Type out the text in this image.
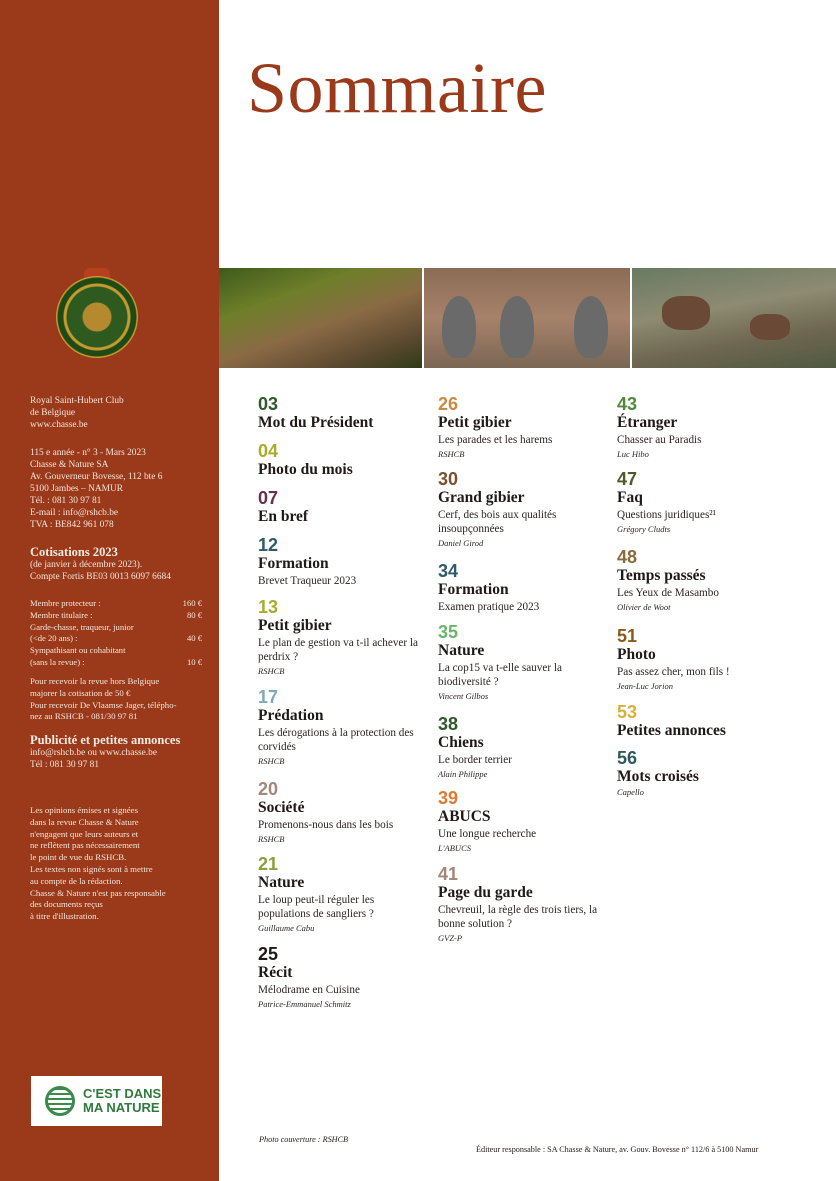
Royal Saint-Hubert Club

de Belgique

www.chasse.be

115 e année - n° 3 - Mars 2023

Chasse & Nature SA

Av. Gouverneur Bovesse, 112 bte 6

5100 Jambes – NAMUR

Tél. : 081 30 97 81

E-mail : info@rshcb.be

TVA : BE842 961 078

Cotisations 2023

(de janvier à décembre 2023).

Compte Fortis BE03 0013 6097 6684

Membre protecteur :	160 €
Membre titulaire :	80 €
Garde-chasse, traqueur, junior
(<de 20 ans) :	40 €
Sympathisant ou cohabitant
(sans la revue) :	10 €

Pour recevoir la revue hors Belgique

majorer la cotisation de 50 €

Pour recevoir De Vlaamse Jager, télépho-

nez au RSHCB - 081/30 97 81

Publicité et petites annonces

info@rshcb.be ou www.chasse.be

Tél : 081 30 97 81

Les opinions émises et signées

dans la revue Chasse & Nature

n'engagent que leurs auteurs et

ne reflètent pas nécessairement

le point de vue du RSHCB.

Les textes non signés sont à mettre

au compte de la rédaction.

Chasse & Nature n'est pas responsable

des documents reçus

à titre d'illustration.

C'EST DANS
MA NATURE
Sommaire
03
Mot du Président
04
Photo du mois
07
En bref
12
Formation
Brevet Traqueur 2023
13
Petit gibier
Le plan de gestion va t-il achever la perdrix ?
RSHCB
17
Prédation
Les dérogations à la protection des corvidés
RSHCB
20
Société
Promenons-nous dans les bois
RSHCB
21
Nature
Le loup peut-il réguler les populations de sangliers ?
Guillaume Cabu
25
Récit
Mélodrame en Cuisine
Patrice-Emmanuel Schmitz
26
Petit gibier
Les parades et les harems
RSHCB
30
Grand gibier
Cerf, des bois aux qualités insoupçonnées
Daniel Girod
34
Formation
Examen pratique 2023
35
Nature
La cop15 va t-elle sauver la biodiversité ?
Vincent Gilbos
38
Chiens
Le border terrier
Alain Philippe
39
ABUCS
Une longue recherche
L'ABUCS
41
Page du garde
Chevreuil, la règle des trois tiers, la bonne solution ?
GVZ-P
43
Étranger
Chasser au Paradis
Luc Hibo
47
Faq
Questions juridiques²¹
Grégory Cludts
48
Temps passés
Les Yeux de Masambo
Olivier de Woot
51
Photo
Pas assez cher, mon fils !
Jean-Luc Jorion
53
Petites annonces
56
Mots croisés
Capello
Photo couverture : RSHCB
Éditeur responsable : SA Chasse & Nature, av. Gouv. Bovesse n° 112/6 à 5100 Namur
